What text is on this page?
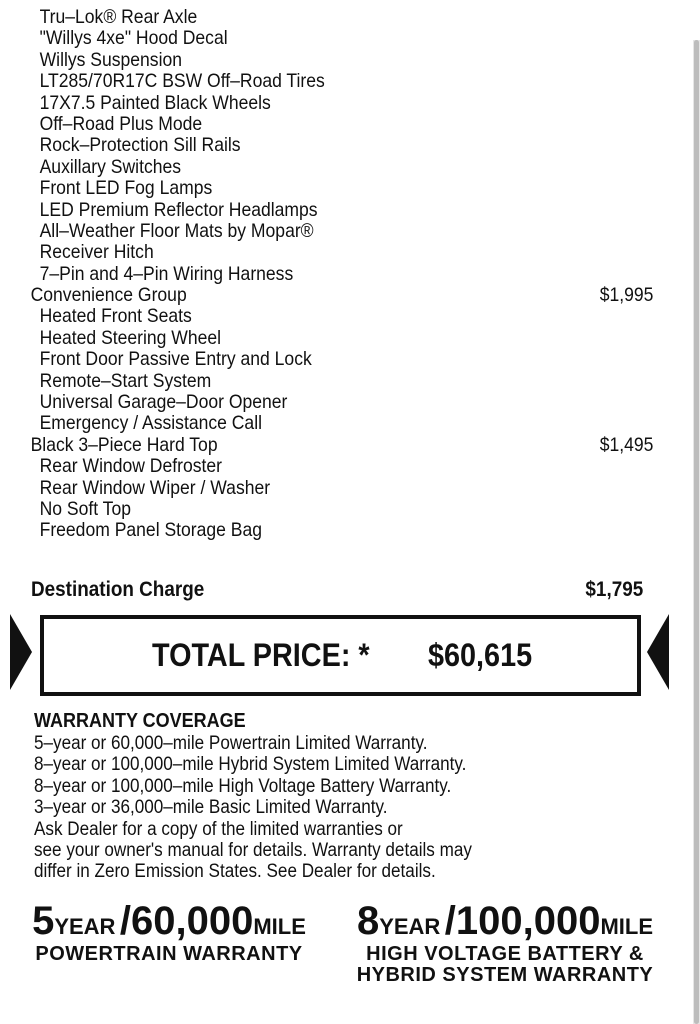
Tru–Lok® Rear Axle
"Willys 4xe" Hood Decal
Willys Suspension
LT285/70R17C BSW Off–Road Tires
17X7.5 Painted Black Wheels
Off–Road Plus Mode
Rock–Protection Sill Rails
Auxillary Switches
Front LED Fog Lamps
LED Premium Reflector Headlamps
All–Weather Floor Mats by Mopar®
Receiver Hitch
7–Pin and 4–Pin Wiring Harness
Convenience Group	$1,995
Heated Front Seats
Heated Steering Wheel
Front Door Passive Entry and Lock
Remote–Start System
Universal Garage–Door Opener
Emergency / Assistance Call
Black 3–Piece Hard Top	$1,495
Rear Window Defroster
Rear Window Wiper / Washer
No Soft Top
Freedom Panel Storage Bag
Destination Charge	$1,795
TOTAL PRICE: * $60,615
WARRANTY COVERAGE
5–year or 60,000–mile Powertrain Limited Warranty.
8–year or 100,000–mile Hybrid System Limited Warranty.
8–year or 100,000–mile High Voltage Battery Warranty.
3–year or 36,000–mile Basic Limited Warranty.
Ask Dealer for a copy of the limited warranties or
see your owner's manual for details. Warranty details may
differ in Zero Emission States. See Dealer for details.
5YEAR /60,000MILE
POWERTRAIN WARRANTY
8YEAR /100,000MILE
HIGH VOLTAGE BATTERY &
HYBRID SYSTEM WARRANTY
